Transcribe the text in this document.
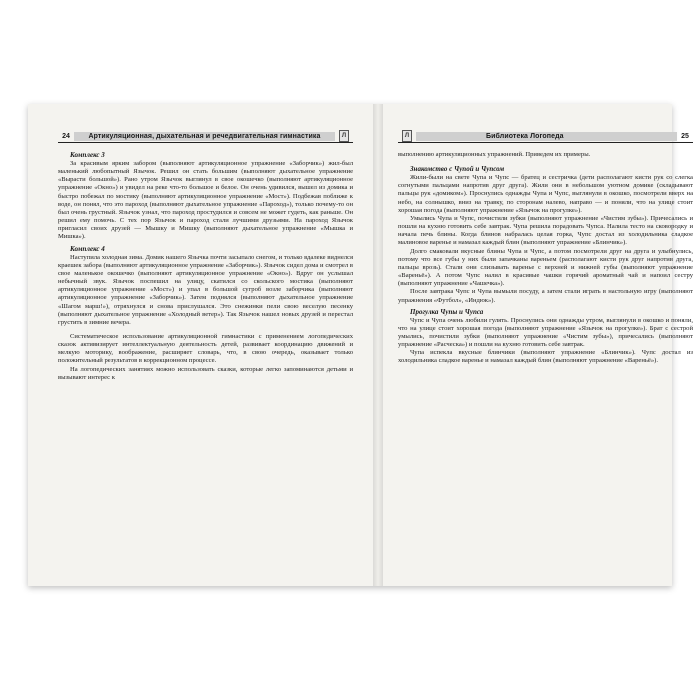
24	Артикуляционная, дыхательная и речедвигательная гимнастика	Л
Комплекс 3

За красивым ярким забором (выполняют артикуляционное упражнение «Заборчик») жил-был маленький любопытный Язычок. Решил он стать большим (выполняют дыхательное упражнение «Вырасти большой»). Рано утром Язычок выглянул в свое окошечко (выполняют артикуляционное упражнение «Окно») и увидел на реке что-то большое и белое. Он очень удивился, вышел из домика и быстро побежал по мостику (выполняют артикуляционное упражнение «Мост»). Подбежав поближе к воде, он понял, что это пароход (выполняют дыхательное упражнение «Пароход»), только почему-то он был очень грустный. Язычок узнал, что пароход простудился и совсем не может гудеть, как раньше. Он решил ему помочь. С тех пор Язычок и пароход стали лучшими друзьями. На пароход Язычок пригласил своих друзей — Мышку и Мишку (выполняют дыхательное упражнение «Мышка и Мишка»).

Комплекс 4

Наступила холодная зима. Домик нашего Язычка почти засыпало снегом, и только вдалеке виднелся краешек забора (выполняют артикуляционное упражнение «Заборчик»). Язычок сидел дома и смотрел в свое маленькое окошечко (выполняют артикуляционное упражнение «Окно»). Вдруг он услышал небычный звук. Язычок поспешил на улицу, скатился со скольского мостика (выполняют артикуляционное упражнение «Мост») и упал в большой сугроб возле заборчика (выполняют артикуляционное упражнение «Заборчик»). Затем поднялся (выполняют дыхательное упражнение «Шагом марш!»), отряхнулся и снова прислушался. Это снежинки пели свою веселую песенку (выполняют дыхательное упражнение «Холодный ветер»). Так Язычок нашел новых друзей и перестал грустить в зимние вечера.

Систематическое использование артикуляционной гимнастики с применением логопедических сказок активизирует интеллектуальную деятельность детей, развивает координацию движений и мелкую моторику, воображение, расширяет словарь, что, в свою очередь, оказывает только положительный результатов в коррекционном процессе.

На логопедических занятиях можно использовать сказки, которые легко запоминаются детьми и вызывают интерес к

Л	Библиотека Логопеда	25

выполнению артикуляционных упражнений. Приведем их примеры.

Знакомство с Чупой и Чупсом

Жили-были на свете Чупа и Чупс — братец и сестричка (дети располагают кисти рук со слегка согнутыми пальцами напротив друг друга). Жили они в небольшом уютном домике (складывают пальцы рук «домиком»). Проснулись однажды Чупа и Чупс, выглянули в окошко, посмотрели вверх на небо, на солнышко, вниз на травку, по сторонам налево, направо — и поняли, что на улице стоит хорошая погода (выполняют упражнение «Язычок на прогулке»).

Умылись Чупа и Чупс, почистили зубки (выполняют упражнение «Чистим зубы»). Причесались и пошли на кухню готовить себе завтрак. Чупа решила порадовать Чупса. Налила тесто на сковородку и начала печь блины. Когда блинов набралась целая горка, Чупс достал из холодильника сладкое малиновое варенье и намазал каждый блин (выполняют упражнение «Блинчик»).

Долго смаковали вкусные блины Чупа и Чупс, а потом посмотрели друг на друга и улыбнулись, потому что все губы у них были запачканы вареньем (располагают кисти рук друг напротив друга, пальцы врозь). Стали они слизывать варенье с верхней и нижней губы (выполняют упражнение «Вареньё»). А потом Чупс налил в красивые чашки горячий ароматный чай и напоил сестру (выполняют упражнение «Чашечка»).

После завтрака Чупс и Чупа вымыли посуду, а затем стали играть в настольную игру (выполняют упражнения «Футбол», «Индюк»).

Прогулка Чупы и Чупса

Чупс и Чупа очень любили гулять. Проснулись они однажды утром, выглянули в окошко и поняли, что на улице стоит хорошая погода (выполняют упражнение «Язычок на прогулке»). Брат с сестрой умылись, почистили зубки (выполняют упражнение «Чистим зубы»), причесались (выполняют упражнение «Расческа») и пошли на кухню готовить себе завтрак.

Чупа испекла вкусные блинчики (выполняют упражнение «Блинчик»). Чупс достал из холодильника сладкое варенье и намазал каждый блин (выполняют упражнение «Вареньё»).
